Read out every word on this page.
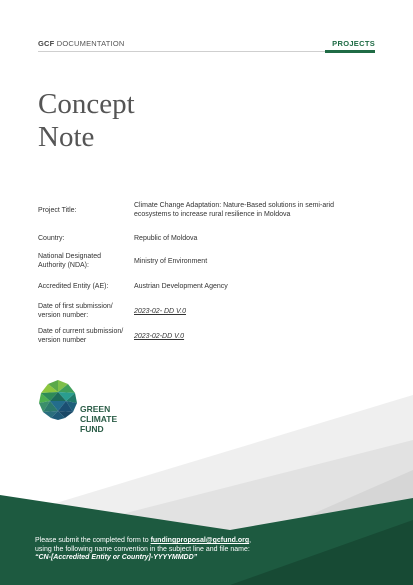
GCF DOCUMENTATION	PROJECTS
Concept
Note
Project Title:
Climate Change Adaptation: Nature-Based solutions in semi-arid ecosystems to increase rural resilience in Moldova
Country:	Republic of Moldova
National Designated Authority (NDA):	Ministry of Environment
Accredited Entity (AE):	Austrian Development Agency
Date of first submission/ version number:	2023-02- DD V.0
Date of current submission/ version number	2023-02-DD V.0
GREEN
CLIMATE
FUND
Please submit the completed form to fundingproposal@gcfund.org,
using the following name convention in the subject line and file name:
“CN-[Accredited Entity or Country]-YYYYMMDD”
